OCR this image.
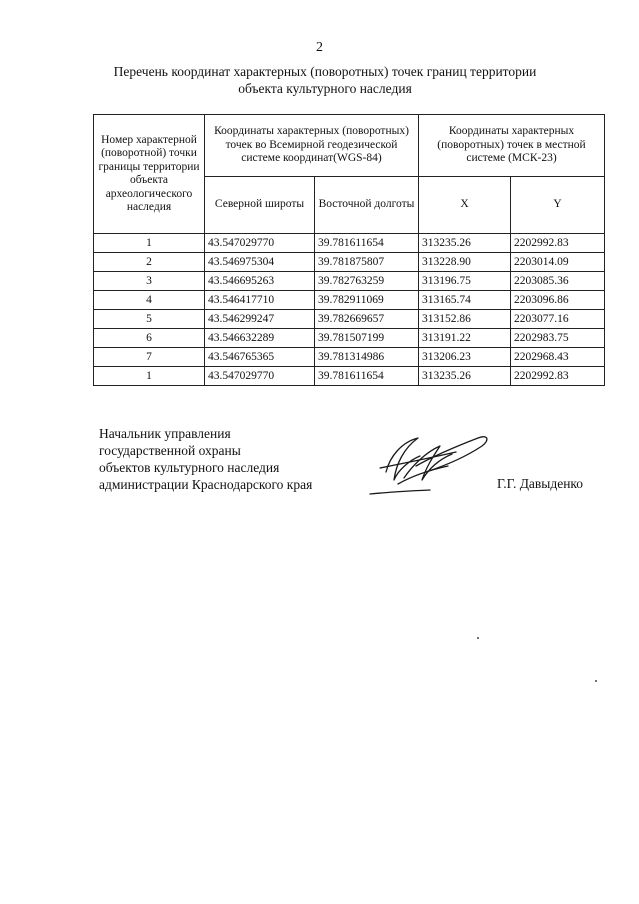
2
Перечень координат характерных (поворотных) точек границ территории
объекта культурного наследия
Номер характерной (поворотной) точки границы территории объекта археологического наследия	Координаты характерных (поворотных) точек во Всемирной геодезической системе координат(WGS-84)		Координаты характерных (поворотных) точек в местной системе (МСК-23)	
	Северной широты	Восточной долготы	X	Y
1	43.547029770	39.781611654	313235.26	2202992.83
2	43.546975304	39.781875807	313228.90	2203014.09
3	43.546695263	39.782763259	313196.75	2203085.36
4	43.546417710	39.782911069	313165.74	2203096.86
5	43.546299247	39.782669657	313152.86	2203077.16
6	43.546632289	39.781507199	313191.22	2202983.75
7	43.546765365	39.781314986	313206.23	2202968.43
1	43.547029770	39.781611654	313235.26	2202992.83
Начальник управления
государственной охраны
объектов культурного наследия
администрации Краснодарского края	Г.Г. Давыденко
